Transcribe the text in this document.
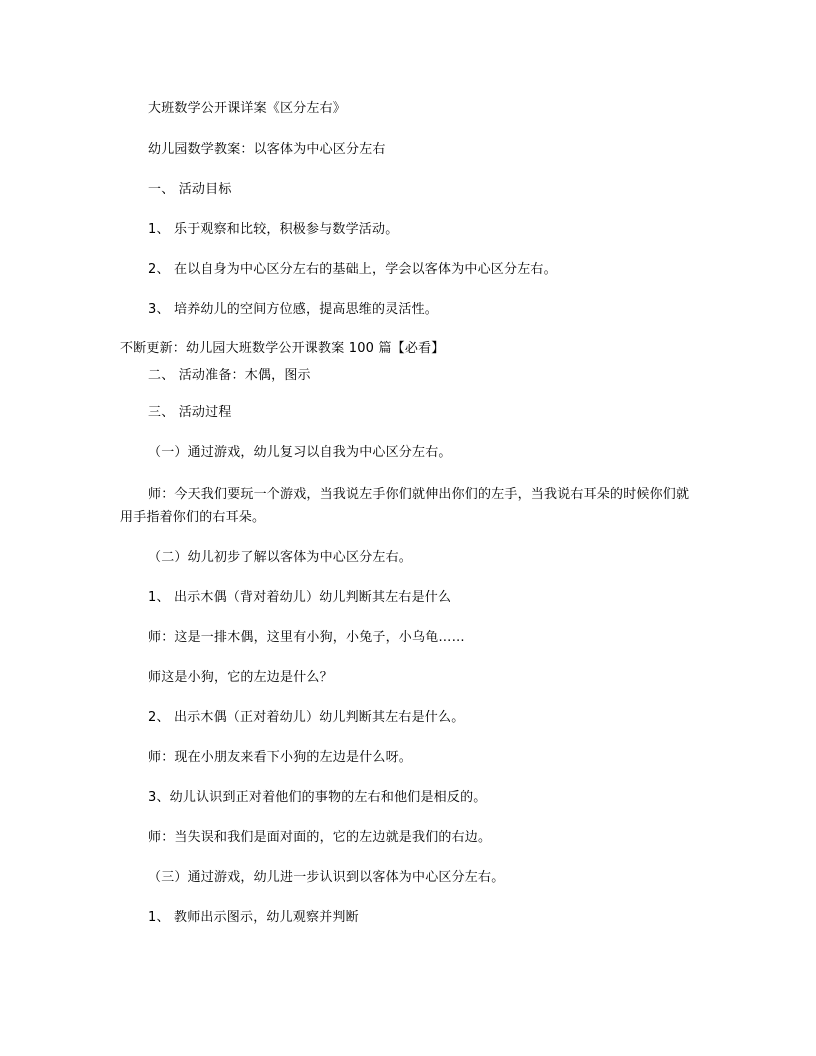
大班数学公开课详案《区分左右》
幼儿园数学教案：以客体为中心区分左右
一、 活动目标
1、 乐于观察和比较，积极参与数学活动。
2、 在以自身为中心区分左右的基础上，学会以客体为中心区分左右。
3、 培养幼儿的空间方位感，提高思维的灵活性。
不断更新：幼儿园大班数学公开课教案 100 篇【必看】
二、 活动准备：木偶，图示
三、 活动过程
（一）通过游戏，幼儿复习以自我为中心区分左右。
师：今天我们要玩一个游戏，当我说左手你们就伸出你们的左手，当我说右耳朵的时候你们就用手指着你们的右耳朵。
（二）幼儿初步了解以客体为中心区分左右。
1、 出示木偶（背对着幼儿）幼儿判断其左右是什么
师：这是一排木偶，这里有小狗，小兔子，小乌龟……
师这是小狗，它的左边是什么？
2、 出示木偶（正对着幼儿）幼儿判断其左右是什么。
师：现在小朋友来看下小狗的左边是什么呀。
3、幼儿认识到正对着他们的事物的左右和他们是相反的。
师：当失误和我们是面对面的，它的左边就是我们的右边。
（三）通过游戏，幼儿进一步认识到以客体为中心区分左右。
1、 教师出示图示，幼儿观察并判断
